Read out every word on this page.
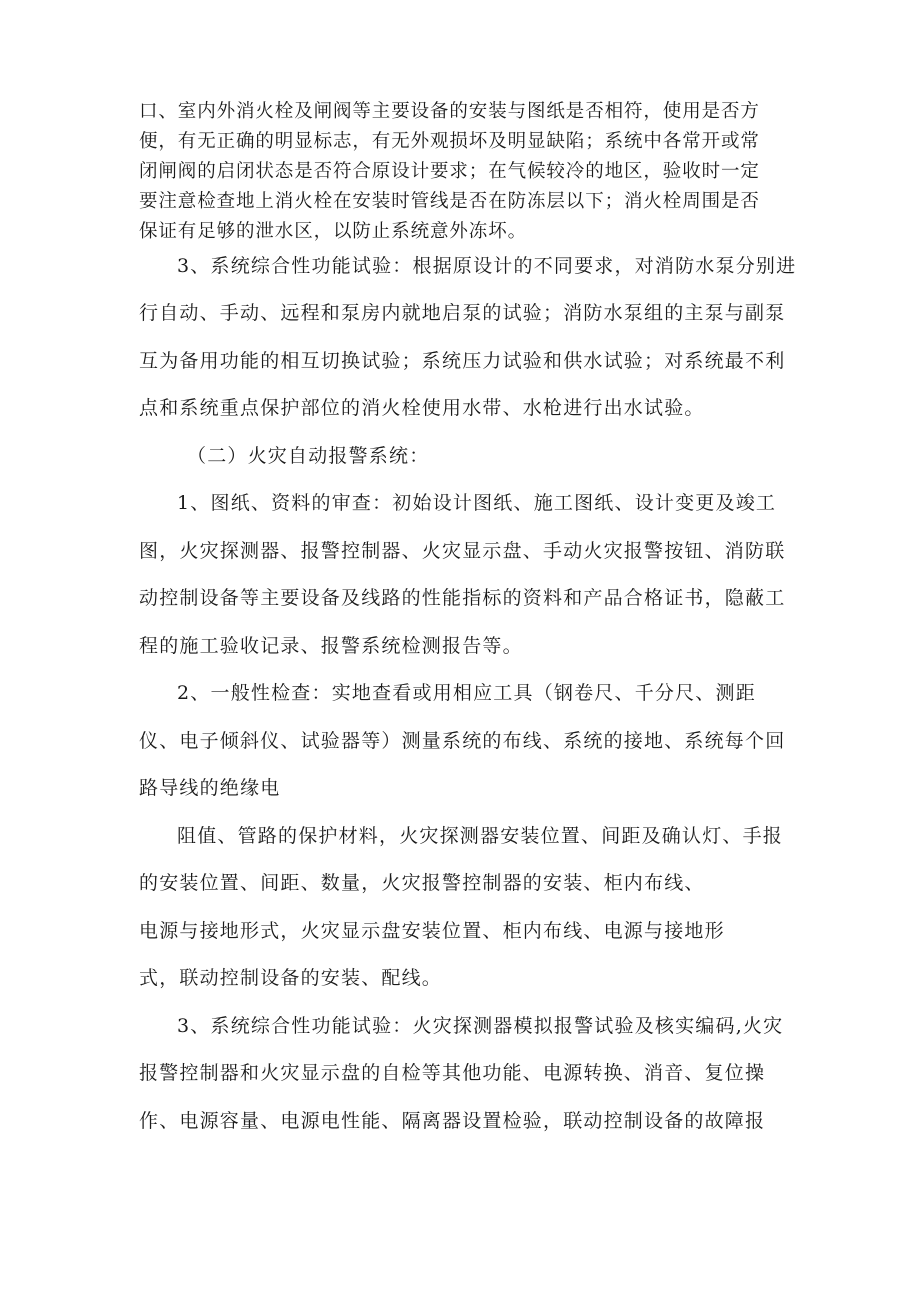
口、室内外消火栓及闸阀等主要设备的安装与图纸是否相符，使用是否方
便，有无正确的明显标志，有无外观损坏及明显缺陷；系统中各常开或常
闭闸阀的启闭状态是否符合原设计要求；在气候较冷的地区，验收时一定
要注意检查地上消火栓在安装时管线是否在防冻层以下；消火栓周围是否
保证有足够的泄水区，以防止系统意外冻坏。
3、系统综合性功能试验：根据原设计的不同要求，对消防水泵分别进
行自动、手动、远程和泵房内就地启泵的试验；消防水泵组的主泵与副泵
互为备用功能的相互切换试验；系统压力试验和供水试验；对系统最不利
点和系统重点保护部位的消火栓使用水带、水枪进行出水试验。
（二）火灾自动报警系统：
1、图纸、资料的审查：初始设计图纸、施工图纸、设计变更及竣工
图，火灾探测器、报警控制器、火灾显示盘、手动火灾报警按钮、消防联
动控制设备等主要设备及线路的性能指标的资料和产品合格证书，隐蔽工
程的施工验收记录、报警系统检测报告等。
2、一般性检查：实地查看或用相应工具（钢卷尺、千分尺、测距
仪、电子倾斜仪、试验器等）测量系统的布线、系统的接地、系统每个回
路导线的绝缘电
阻值、管路的保护材料，火灾探测器安装位置、间距及确认灯、手报
的安装位置、间距、数量，火灾报警控制器的安装、柜内布线、
电源与接地形式，火灾显示盘安装位置、柜内布线、电源与接地形
式，联动控制设备的安装、配线。
3、系统综合性功能试验：火灾探测器模拟报警试验及核实编码,火灾
报警控制器和火灾显示盘的自检等其他功能、电源转换、消音、复位操
作、电源容量、电源电性能、隔离器设置检验，联动控制设备的故障报
